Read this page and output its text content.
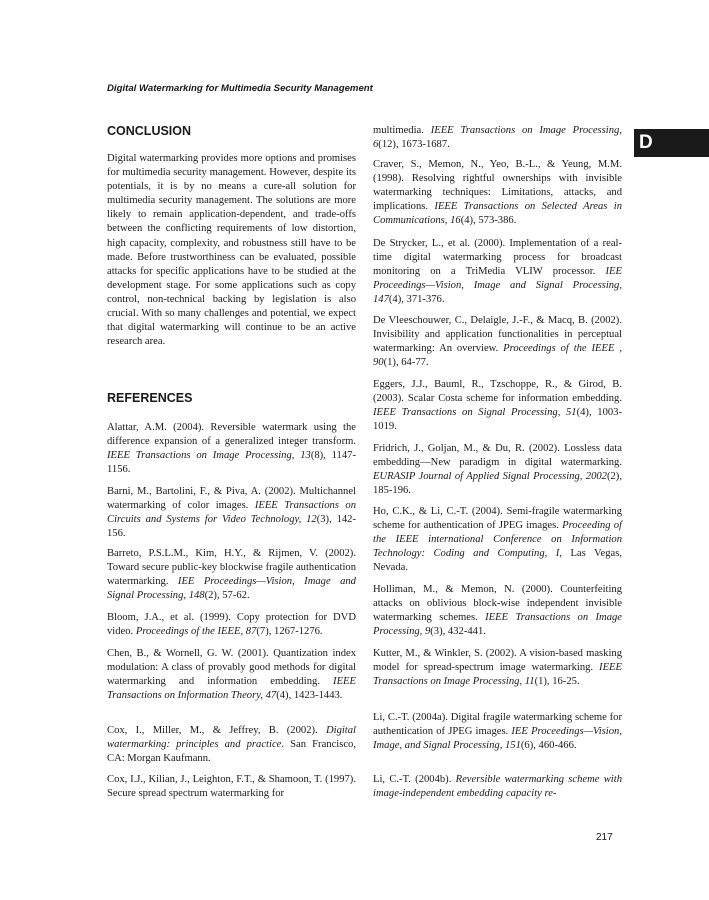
Digital Watermarking for Multimedia Security Management
D
CONCLUSION
Digital watermarking provides more options and promises for multimedia security management. However, despite its potentials, it is by no means a cure-all solution for multimedia security management. The solutions are more likely to remain application-dependent, and trade-offs between the conflicting requirements of low distortion, high capacity, complexity, and robustness still have to be made. Before trustworthiness can be evaluated, possible attacks for specific applications have to be studied at the development stage. For some applications such as copy control, non-technical backing by legislation is also crucial. With so many challenges and potential, we expect that digital watermarking will continue to be an active research area.
REFERENCES
Alattar, A.M. (2004). Reversible watermark using the difference expansion of a generalized integer transform. IEEE Transactions on Image Processing, 13(8), 1147-1156.
Barni, M., Bartolini, F., & Piva, A. (2002). Multichannel watermarking of color images. IEEE Transactions on Circuits and Systems for Video Technology, 12(3), 142-156.
Barreto, P.S.L.M., Kim, H.Y., & Rijmen, V. (2002). Toward secure public-key blockwise fragile authentication watermarking. IEE Proceedings—Vision, Image and Signal Processing, 148(2), 57-62.
Bloom, J.A., et al. (1999). Copy protection for DVD video. Proceedings of the IEEE, 87(7), 1267-1276.
Chen, B., & Wornell, G. W. (2001). Quantization index modulation: A class of provably good methods for digital watermarking and information embedding. IEEE Transactions on Information Theory, 47(4), 1423-1443.
Cox, I., Miller, M., & Jeffrey, B. (2002). Digital watermarking: principles and practice. San Francisco, CA: Morgan Kaufmann.
Cox, I.J., Kilian, J., Leighton, F.T., & Shamoon, T. (1997). Secure spread spectrum watermarking for
multimedia. IEEE Transactions on Image Processing, 6(12), 1673-1687.
Craver, S., Memon, N., Yeo, B.-L., & Yeung, M.M. (1998). Resolving rightful ownerships with invisible watermarking techniques: Limitations, attacks, and implications. IEEE Transactions on Selected Areas in Communications, 16(4), 573-386.
De Strycker, L., et al. (2000). Implementation of a real-time digital watermarking process for broadcast monitoring on a TriMedia VLIW processor. IEE Proceedings—Vision, Image and Signal Processing, 147(4), 371-376.
De Vleeschouwer, C., Delaigle, J.-F., & Macq, B. (2002). Invisibility and application functionalities in perceptual watermarking: An overview. Proceedings of the IEEE , 90(1), 64-77.
Eggers, J.J., Bauml, R., Tzschoppe, R., & Girod, B. (2003). Scalar Costa scheme for information embedding. IEEE Transactions on Signal Processing, 51(4), 1003-1019.
Fridrich, J., Goljan, M., & Du, R. (2002). Lossless data embedding—New paradigm in digital watermarking. EURASIP Journal of Applied Signal Processing, 2002(2), 185-196.
Ho, C.K., & Li, C.-T. (2004). Semi-fragile watermarking scheme for authentication of JPEG images. Proceeding of the IEEE international Conference on Information Technology: Coding and Computing, I, Las Vegas, Nevada.
Holliman, M., & Memon, N. (2000). Counterfeiting attacks on oblivious block-wise independent invisible watermarking schemes. IEEE Transactions on Image Processing, 9(3), 432-441.
Kutter, M., & Winkler, S. (2002). A vision-based masking model for spread-spectrum image watermarking. IEEE Transactions on Image Processing, 11(1), 16-25.
Li, C.-T. (2004a). Digital fragile watermarking scheme for authentication of JPEG images. IEE Proceedings—Vision, Image, and Signal Processing, 151(6), 460-466.
Li, C.-T. (2004b). Reversible watermarking scheme with image-independent embedding capacity re-
217
